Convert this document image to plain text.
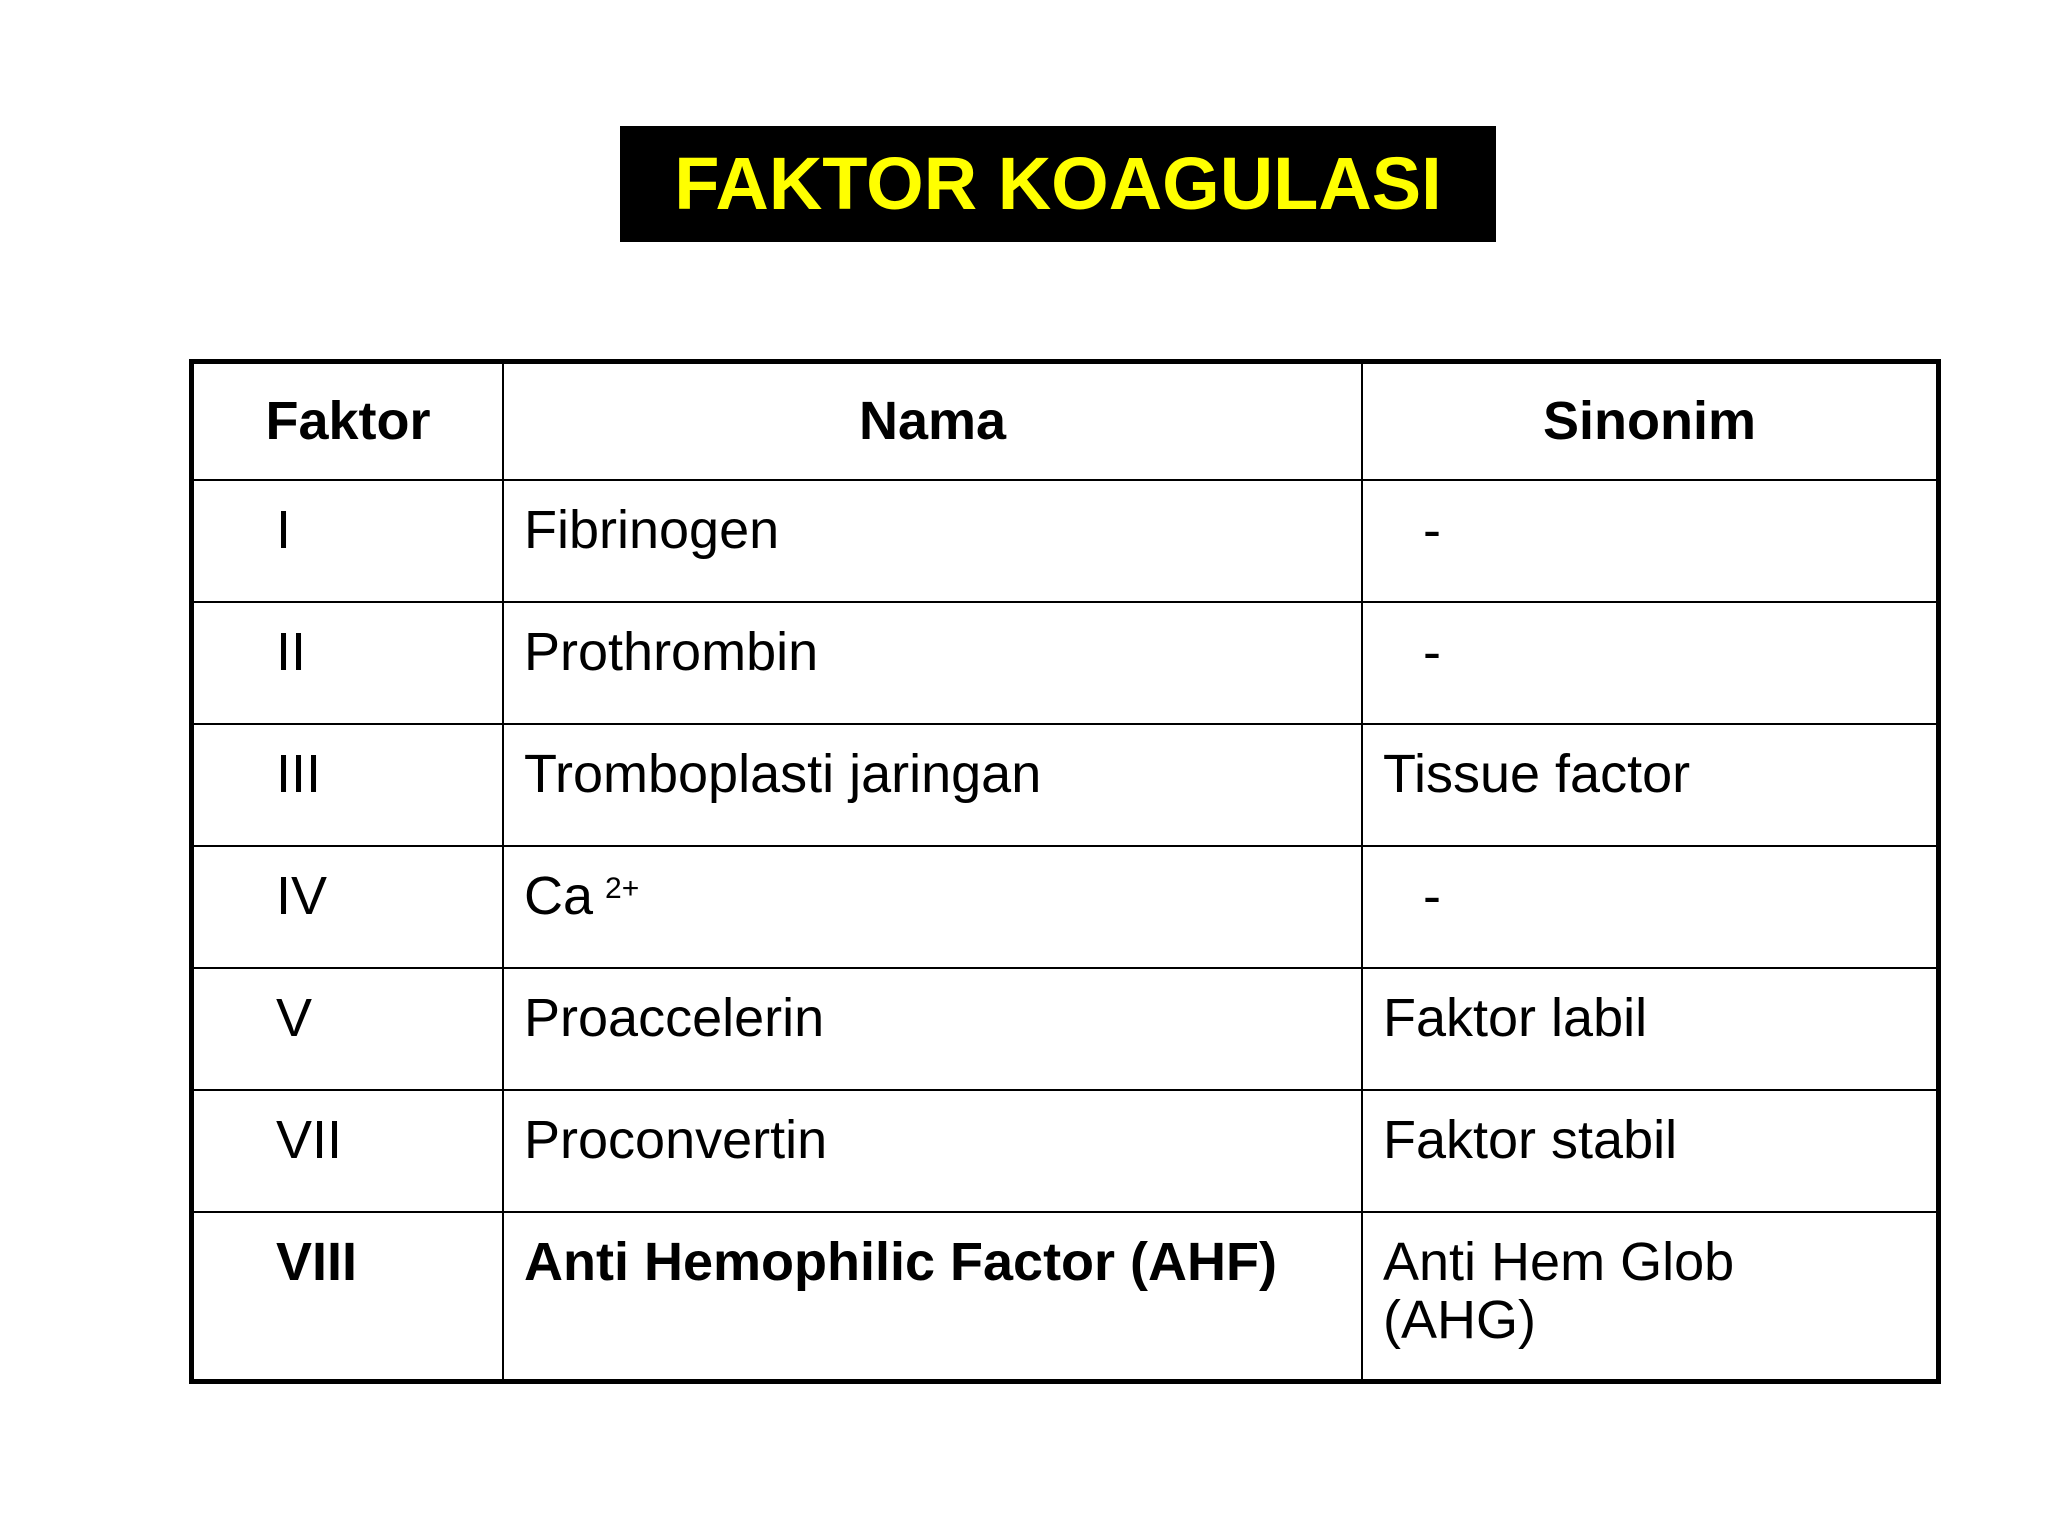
FAKTOR KOAGULASI
Faktor	Nama	Sinonim
I	Fibrinogen	-
II	Prothrombin	-
III	Tromboplasti jaringan	Tissue factor
IV	Ca $^{2+}$	-
V	Proaccelerin	Faktor labil
VII	Proconvertin	Faktor stabil
VIII	Anti Hemophilic Factor (AHF)	Anti Hem Glob
(AHG)
